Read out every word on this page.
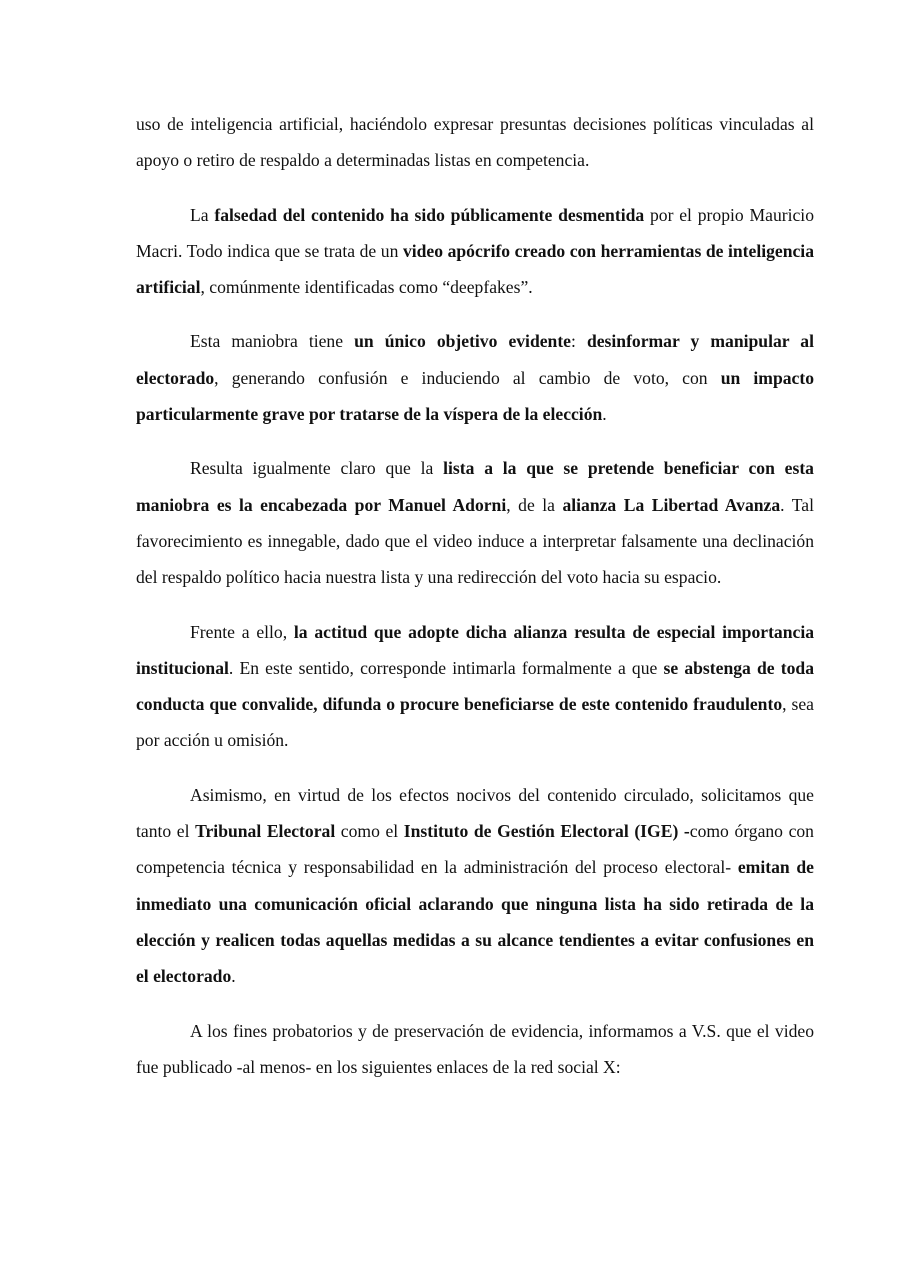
uso de inteligencia artificial, haciéndolo expresar presuntas decisiones políticas vinculadas al apoyo o retiro de respaldo a determinadas listas en competencia.

La falsedad del contenido ha sido públicamente desmentida por el propio Mauricio Macri. Todo indica que se trata de un video apócrifo creado con herramientas de inteligencia artificial, comúnmente identificadas como “deepfakes”.

Esta maniobra tiene un único objetivo evidente: desinformar y manipular al electorado, generando confusión e induciendo al cambio de voto, con un impacto particularmente grave por tratarse de la víspera de la elección.

Resulta igualmente claro que la lista a la que se pretende beneficiar con esta maniobra es la encabezada por Manuel Adorni, de la alianza La Libertad Avanza. Tal favorecimiento es innegable, dado que el video induce a interpretar falsamente una declinación del respaldo político hacia nuestra lista y una redirección del voto hacia su espacio.

Frente a ello, la actitud que adopte dicha alianza resulta de especial importancia institucional. En este sentido, corresponde intimarla formalmente a que se abstenga de toda conducta que convalide, difunda o procure beneficiarse de este contenido fraudulento, sea por acción u omisión.

Asimismo, en virtud de los efectos nocivos del contenido circulado, solicitamos que tanto el Tribunal Electoral como el Instituto de Gestión Electoral (IGE) -como órgano con competencia técnica y responsabilidad en la administración del proceso electoral- emitan de inmediato una comunicación oficial aclarando que ninguna lista ha sido retirada de la elección y realicen todas aquellas medidas a su alcance tendientes a evitar confusiones en el electorado.

A los fines probatorios y de preservación de evidencia, informamos a V.S. que el video fue publicado -al menos- en los siguientes enlaces de la red social X:
